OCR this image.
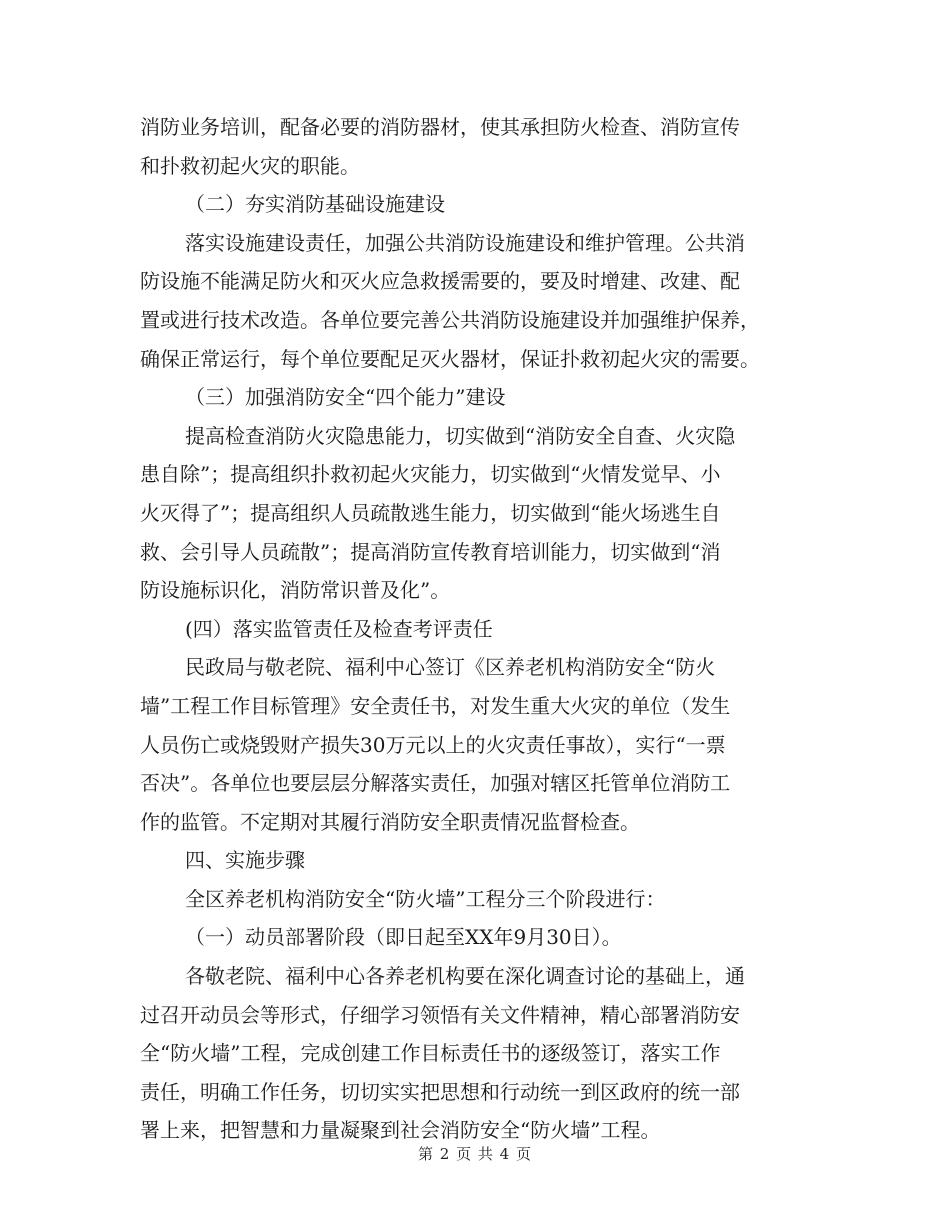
消防业务培训，配备必要的消防器材，使其承担防火检查、消防宣传

和扑救初起火灾的职能。

（二）夯实消防基础设施建设

落实设施建设责任，加强公共消防设施建设和维护管理。公共消

防设施不能满足防火和灭火应急救援需要的，要及时增建、改建、配

置或进行技术改造。各单位要完善公共消防设施建设并加强维护保养，

确保正常运行，每个单位要配足灭火器材，保证扑救初起火灾的需要。

（三）加强消防安全“四个能力”建设

提高检查消防火灾隐患能力，切实做到“消防安全自查、火灾隐

患自除”；提高组织扑救初起火灾能力，切实做到“火情发觉早、小

火灭得了”；提高组织人员疏散逃生能力，切实做到“能火场逃生自

救、会引导人员疏散”；提高消防宣传教育培训能力，切实做到“消

防设施标识化，消防常识普及化”。

(四）落实监管责任及检查考评责任

民政局与敬老院、福利中心签订《区养老机构消防安全“防火

墙”工程工作目标管理》安全责任书，对发生重大火灾的单位（发生

人员伤亡或烧毁财产损失30万元以上的火灾责任事故），实行“一票

否决”。各单位也要层层分解落实责任，加强对辖区托管单位消防工

作的监管。不定期对其履行消防安全职责情况监督检查。

四、实施步骤

全区养老机构消防安全“防火墙”工程分三个阶段进行：

（一）动员部署阶段（即日起至XX年9月30日）。

各敬老院、福利中心各养老机构要在深化调查讨论的基础上，通

过召开动员会等形式，仔细学习领悟有关文件精神，精心部署消防安

全“防火墙”工程，完成创建工作目标责任书的逐级签订，落实工作

责任，明确工作任务，切切实实把思想和行动统一到区政府的统一部

署上来，把智慧和力量凝聚到社会消防安全“防火墙”工程。

第 2 页 共 4 页
